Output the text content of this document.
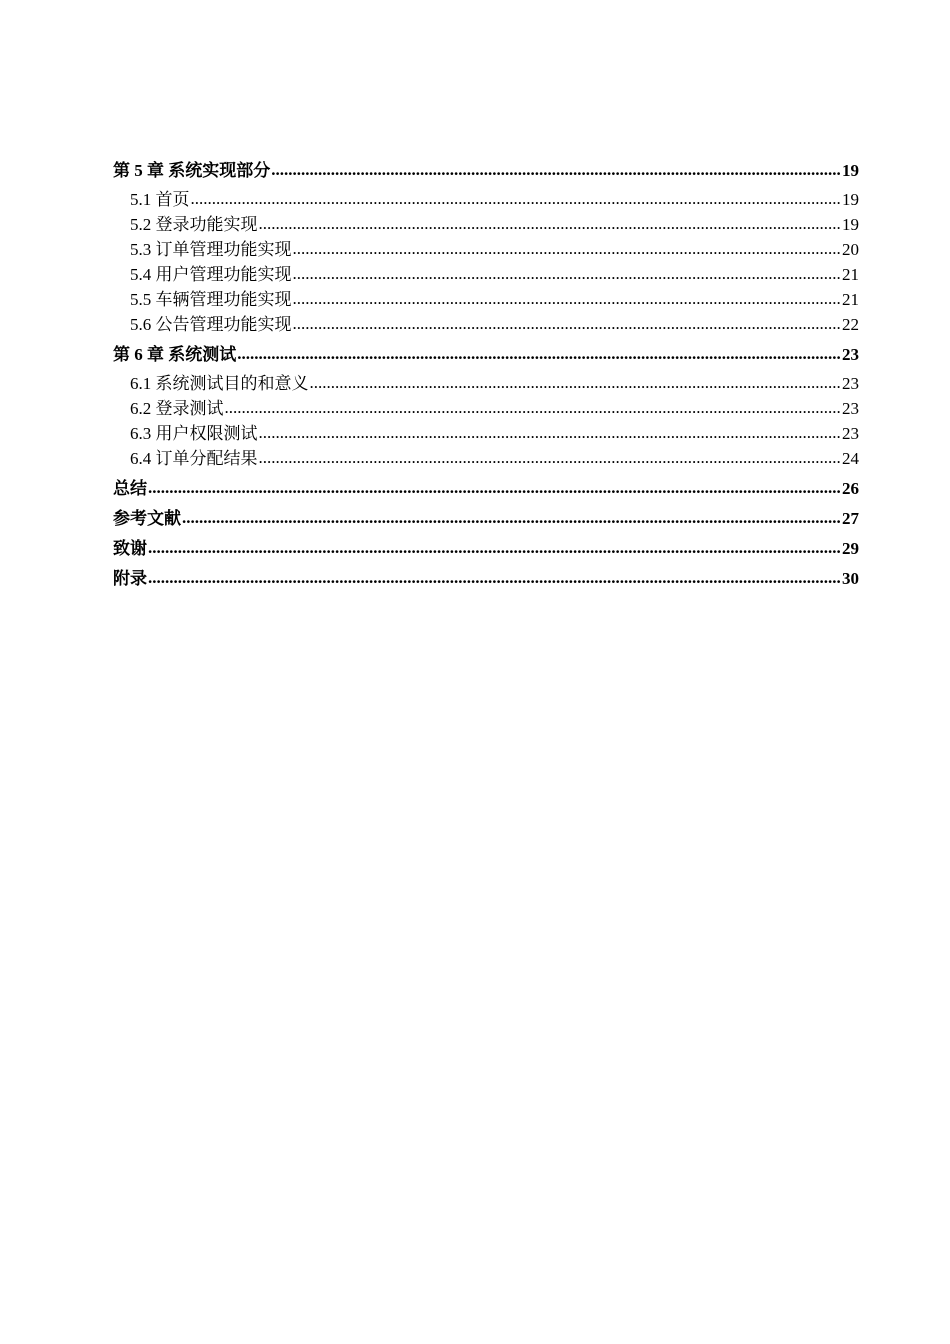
第 5 章 系统实现部分 .....	19
5.1 首页 .....	19
5.2 登录功能实现 .....	19
5.3 订单管理功能实现 .....	20
5.4 用户管理功能实现 .....	21
5.5 车辆管理功能实现 .....	21
5.6 公告管理功能实现 .....	22
第 6 章 系统测试 .....	23
6.1 系统测试目的和意义 .....	23
6.2 登录测试 .....	23
6.3 用户权限测试 .....	23
6.4 订单分配结果 .....	24
总结 .....	26
参考文献 .....	27
致谢 .....	29
附录 .....	30
